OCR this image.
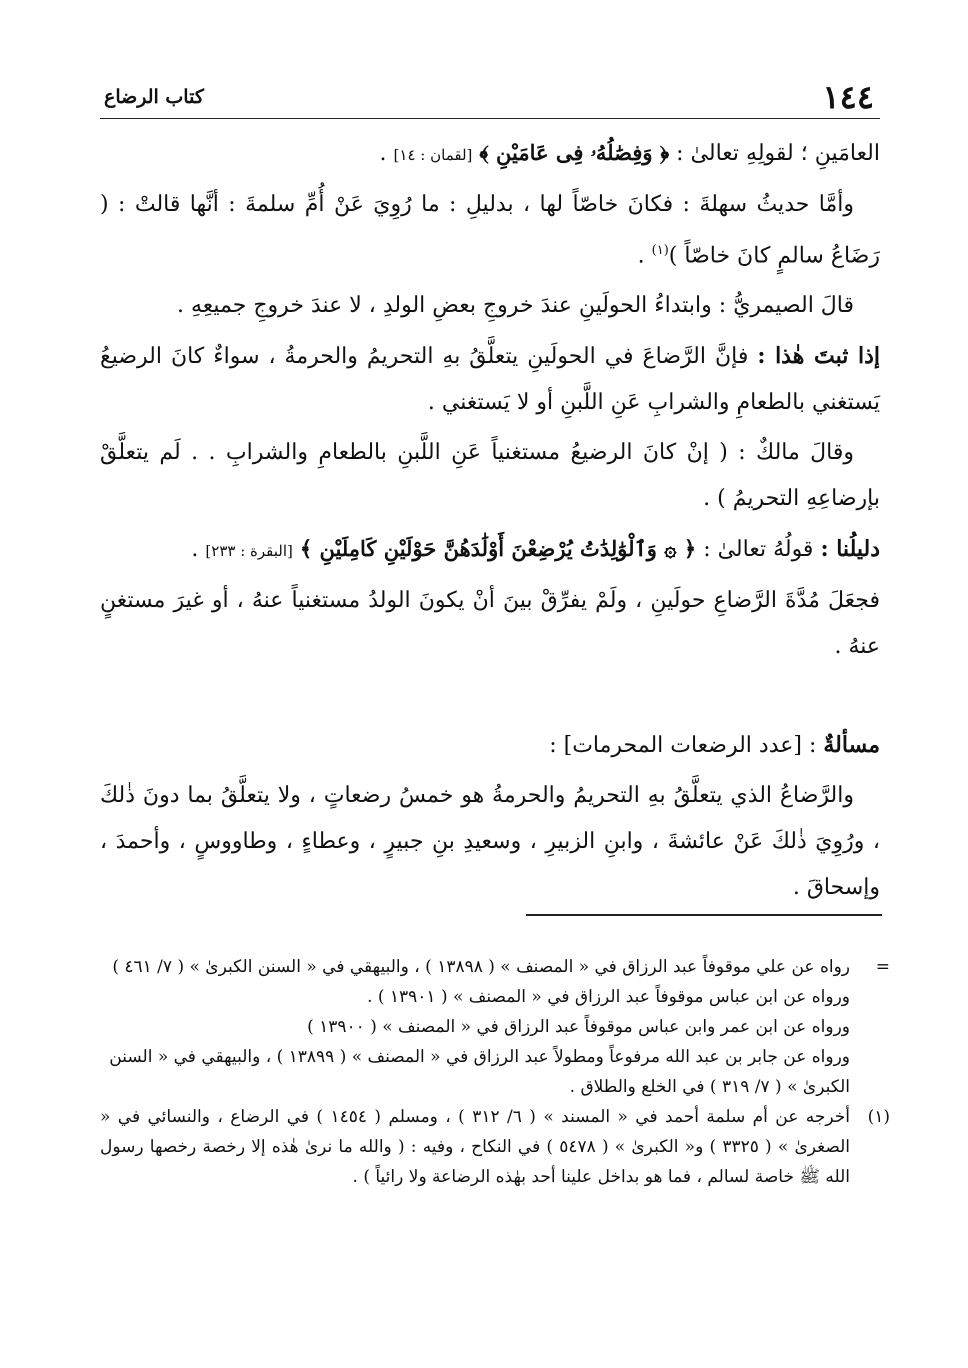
١٤٤
كتاب الرضاع

العامَينِ ؛ لقولِهِ تعالىٰ : ﴿ وَفِصَٰلُهُۥ فِى عَامَيْنِ ﴾ [لقمان : ١٤] .

وأمَّا حديثُ سهلةَ : فكانَ خاصّاً لها ، بدليلِ : ما رُوِيَ عَنْ أُمِّ سلمةَ : أنَّها قالتْ : ( رَضَاعُ سالمٍ كانَ خاصّاً )$^{(١)}$ .

قالَ الصيمريُّ : وابتداءُ الحولَينِ عندَ خروجِ بعضِ الولدِ ، لا عندَ خروجِ جميعِهِ .

إذا ثبتَ هٰذا : فإنَّ الرَّضاعَ في الحولَينِ يتعلَّقُ بهِ التحريمُ والحرمةُ ، سواءٌ كانَ الرضيعُ يَستغني بالطعامِ والشرابِ عَنِ اللَّبنِ أو لا يَستغني .

وقالَ مالكٌ : ( إنْ كانَ الرضيعُ مستغنياً عَنِ اللَّبنِ بالطعامِ والشرابِ . . لَم يتعلَّقْ بإرضاعِهِ التحريمُ ) .

دليلُنا : قولُهُ تعالىٰ : ﴿ ۞ وَٱلْوَٰلِدَٰتُ يُرْضِعْنَ أَوْلَٰدَهُنَّ حَوْلَيْنِ كَامِلَيْنِ ﴾ [البقرة : ٢٣٣] .

فجعَلَ مُدَّةَ الرَّضاعِ حولَينِ ، ولَمْ يفرِّقْ بينَ أنْ يكونَ الولدُ مستغنياً عنهُ ، أو غيرَ مستغنٍ عنهُ .

مسألةٌ : [عدد الرضعات المحرمات] :

والرَّضاعُ الذي يتعلَّقُ بهِ التحريمُ والحرمةُ هو خمسُ رضعاتٍ ، ولا يتعلَّقُ بما دونَ ذٰلكَ ، ورُوِيَ ذٰلكَ عَنْ عائشةَ ، وابنِ الزبيرِ ، وسعيدِ بنِ جبيرٍ ، وعطاءٍ ، وطاووسٍ ، وأحمدَ ، وإسحاقَ .

=
رواه عن علي موقوفاً عبد الرزاق في « المصنف » ( ١٣٨٩٨ ) ، والبيهقي في « السنن الكبرىٰ » ( ٧/ ٤٦١ )

ورواه عن ابن عباس موقوفاً عبد الرزاق في « المصنف » ( ١٣٩٠١ ) .

ورواه عن ابن عمر وابن عباس موقوفاً عبد الرزاق في « المصنف » ( ١٣٩٠٠ )

ورواه عن جابر بن عبد الله مرفوعاً ومطولاً عبد الرزاق في « المصنف » ( ١٣٨٩٩ ) ، والبيهقي في « السنن الكبرىٰ » ( ٧/ ٣١٩ ) في الخلع والطلاق .

(١)
أخرجه عن أم سلمة أحمد في « المسند » ( ٦/ ٣١٢ ) ، ومسلم ( ١٤٥٤ ) في الرضاع ، والنسائي في « الصغرىٰ » ( ٣٣٢٥ ) و« الكبرىٰ » ( ٥٤٧٨ ) في النكاح ، وفيه : ( والله ما نرىٰ هٰذه إلا رخصة رخصها رسول الله ﷺ خاصة لسالم ، فما هو بداخل علينا أحد بهٰذه الرضاعة ولا رائياً ) .
